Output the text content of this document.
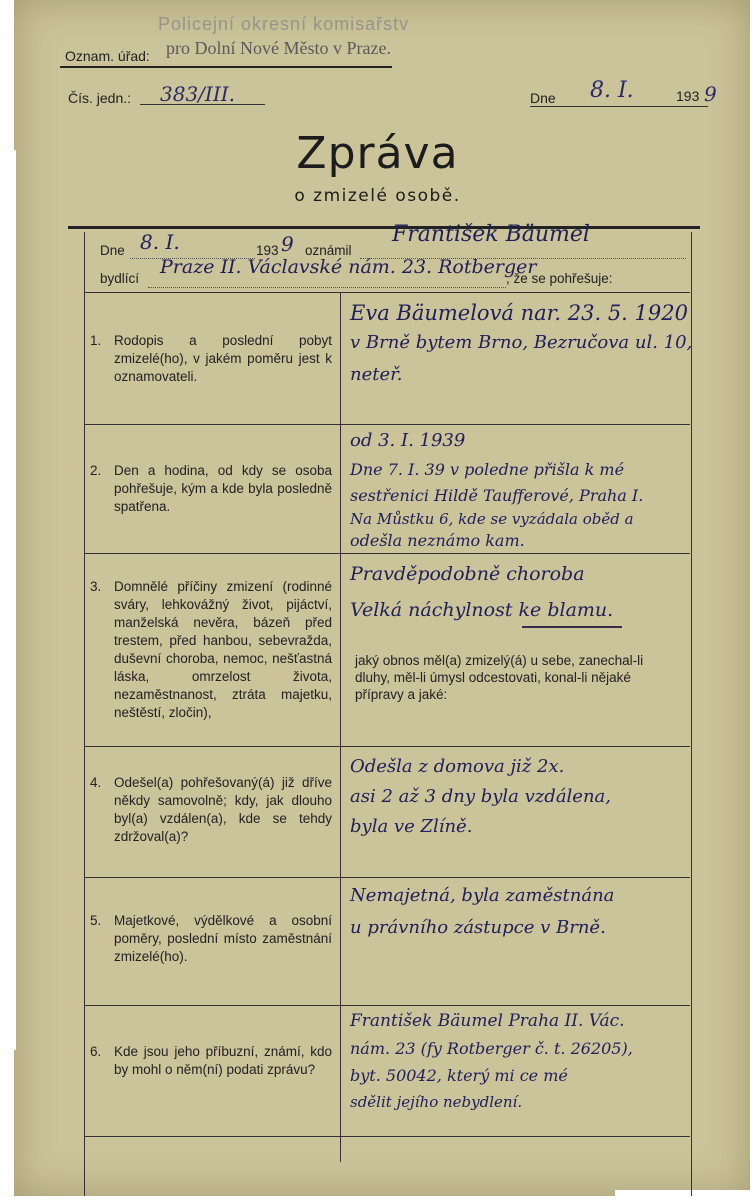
Policejní okresní komisařstv
Oznam. úřad: pro Dolní Nové Město v Praze.
Čís. jedn.: 383/III.	Dne 8. I.	193 9
Zpráva
o zmizelé osobě.
Dne 8. I.	193 9 oznámil
František Bäumel
bydlící
Praze II. Václavské nám. 23. Rotberger
, že se pohřešuje:
1. Rodopis a poslední pobyt zmizelé(ho), v jakém poměru jest k oznamovateli.
Eva Bäumelová nar. 23. 5. 1920
v Brně bytem Brno, Bezručova ul. 10,
neteř.
2. Den a hodina, od kdy se osoba pohřešuje, kým a kde byla posledně spatřena.
od 3. I. 1939
Dne 7. I. 39 v poledne přišla k mé
sestřenici Hildě Taufferové, Praha I.
Na Můstku 6, kde se vyzádala oběd a
odešla neznámo kam.
3. Domnělé příčiny zmizení (rodinné sváry, lehkovážný život, pijáctví, manželská nevěra, bázeň před trestem, před hanbou, sebevražda, duševní choroba, nemoc, nešťastná láska, omrzelost života, nezaměstnanost, ztráta majetku, neštěstí, zločin),
Pravděpodobně choroba
Velká náchylnost ke blamu.
jaký obnos měl(a) zmizelý(á) u sebe, zanechal-li dluhy, měl-li úmysl odcestovati, konal-li nějaké přípravy a jaké:
4. Odešel(a) pohřešovaný(á) již dříve někdy samovolně; kdy, jak dlouho byl(a) vzdálen(a), kde se tehdy zdržoval(a)?
Odešla z domova již 2x.
asi 2 až 3 dny byla vzdálena,
byla ve Zlíně.
5. Majetkové, výdělkové a osobní poměry, poslední místo zaměstnání zmizelé(ho).
Nemajetná, byla zaměstnána
u právního zástupce v Brně.
6. Kde jsou jeho příbuzní, známí, kdo by mohl o něm(ní) podati zprávu?
František Bäumel Praha II. Vác.
nám. 23 (fy Rotberger č. t. 26205),
byt. 50042, který mi ce mé
sdělit jejího nebydlení.
